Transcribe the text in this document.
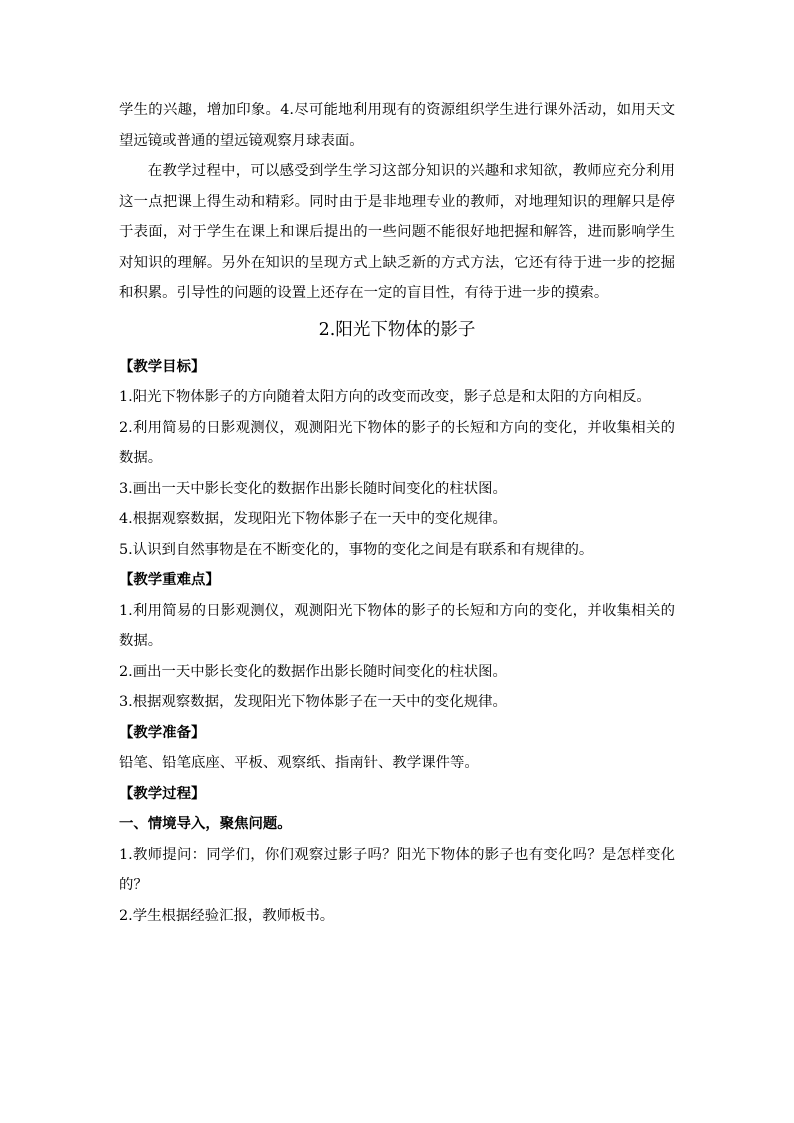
学生的兴趣，增加印象。4.尽可能地利用现有的资源组织学生进行课外活动，如用天文望远镜或普通的望远镜观察月球表面。

在教学过程中，可以感受到学生学习这部分知识的兴趣和求知欲，教师应充分利用这一点把课上得生动和精彩。同时由于是非地理专业的教师，对地理知识的理解只是停于表面，对于学生在课上和课后提出的一些问题不能很好地把握和解答，进而影响学生对知识的理解。另外在知识的呈现方式上缺乏新的方式方法，它还有待于进一步的挖掘和积累。引导性的问题的设置上还存在一定的盲目性，有待于进一步的摸索。

2.阳光下物体的影子

【教学目标】

1.阳光下物体影子的方向随着太阳方向的改变而改变，影子总是和太阳的方向相反。

2.利用简易的日影观测仪，观测阳光下物体的影子的长短和方向的变化，并收集相关的数据。

3.画出一天中影长变化的数据作出影长随时间变化的柱状图。

4.根据观察数据，发现阳光下物体影子在一天中的变化规律。

5.认识到自然事物是在不断变化的，事物的变化之间是有联系和有规律的。

【教学重难点】

1.利用简易的日影观测仪，观测阳光下物体的影子的长短和方向的变化，并收集相关的数据。

2.画出一天中影长变化的数据作出影长随时间变化的柱状图。

3.根据观察数据，发现阳光下物体影子在一天中的变化规律。

【教学准备】

铅笔、铅笔底座、平板、观察纸、指南针、教学课件等。

【教学过程】

一、情境导入，聚焦问题。

1.教师提问：同学们，你们观察过影子吗？阳光下物体的影子也有变化吗？是怎样变化的？

2.学生根据经验汇报，教师板书。
